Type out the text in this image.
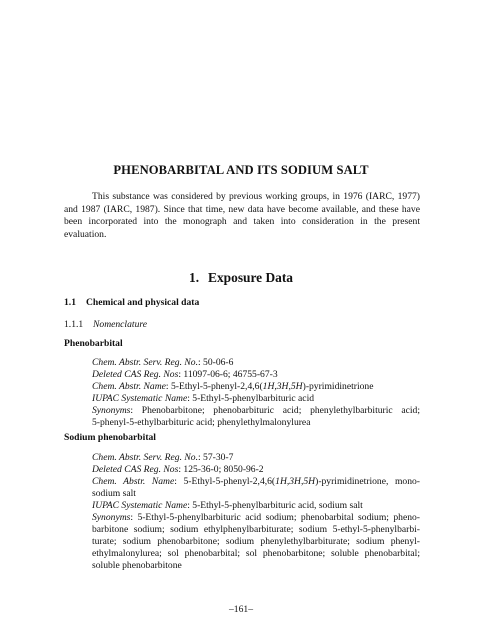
PHENOBARBITAL AND ITS SODIUM SALT

This substance was considered by previous working groups, in 1976 (IARC, 1977) and 1987 (IARC, 1987). Since that time, new data have become available, and these have been incorporated into the monograph and taken into consideration in the present evaluation.

1. Exposure Data
1.1 Chemical and physical data
1.1.1 Nomenclature
Phenobarbital
Chem. Abstr. Serv. Reg. No.: 50-06-6
Deleted CAS Reg. Nos: 11097-06-6; 46755-67-3
Chem. Abstr. Name: 5-Ethyl-5-phenyl-2,4,6(1H,3H,5H)-pyrimidinetrione
IUPAC Systematic Name: 5-Ethyl-5-phenylbarbituric acid
Synonyms: Phenobarbitone; phenobarbituric acid; phenylethylbarbituric acid;
5-phenyl-5-ethylbarbituric acid; phenylethylmalonylurea
Sodium phenobarbital
Chem. Abstr. Serv. Reg. No.: 57-30-7
Deleted CAS Reg. Nos: 125-36-0; 8050-96-2
Chem. Abstr. Name: 5-Ethyl-5-phenyl-2,4,6(1H,3H,5H)-pyrimidinetrione, mono-
sodium salt
IUPAC Systematic Name: 5-Ethyl-5-phenylbarbituric acid, sodium salt
Synonyms: 5-Ethyl-5-phenylbarbituric acid sodium; phenobarbital sodium; pheno-
barbitone sodium; sodium ethylphenylbarbiturate; sodium 5-ethyl-5-phenylbarbi-
turate; sodium phenobarbitone; sodium phenylethylbarbiturate; sodium phenyl-
ethylmalonylurea; sol phenobarbital; sol phenobarbitone; soluble phenobarbital;
soluble phenobarbitone
–161–
